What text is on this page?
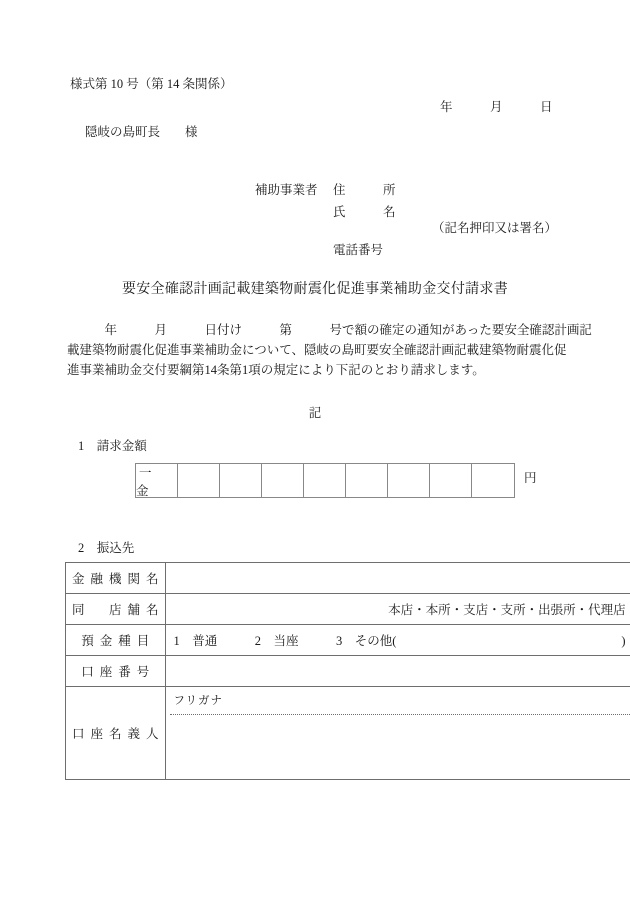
様式第 10 号（第 14 条関係）
年　　　月　　　日
隠岐の島町長　　様
補助事業者	住　　　所
氏　　　名
（記名押印又は署名）
電話番号
要安全確認計画記載建築物耐震化促進事業補助金交付請求書
　　　年　　　月　　　日付け　　　第　　　号で額の確定の通知があった要安全確認計画記
載建築物耐震化促進事業補助金について、隠岐の島町要安全確認計画記載建築物耐震化促
進事業補助金交付要綱第14条第1項の規定により下記のとおり請求します。
記
1　 請求金額
一　金
円
2　 振込先
金融機関名	
同　店舗名	本店・本所・支店・支所・出張所・代理店
預金種目	1　普通　　　2　当座　　　3　その他(　　　　　　　　　　　　　　　　　　)
口座番号	
口座名義人	フリガナ
